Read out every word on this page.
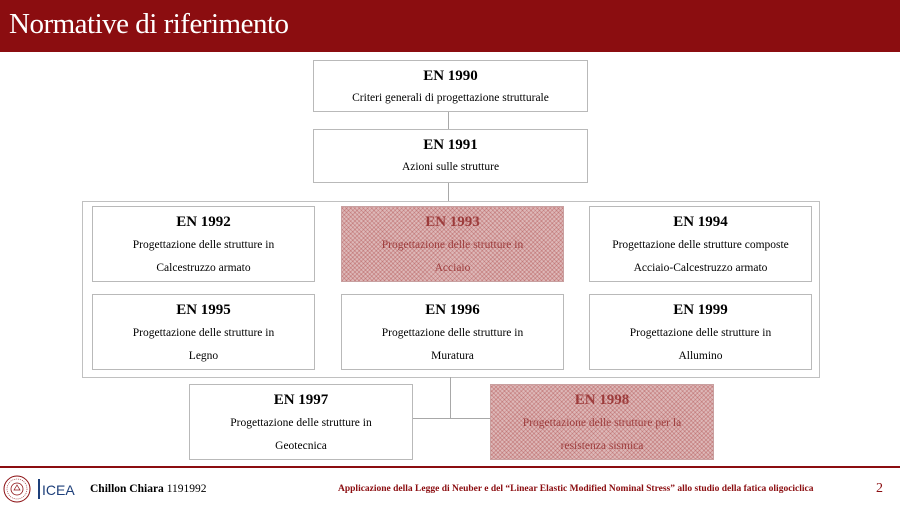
Normative di riferimento
EN 1990
Criteri generali di progettazione strutturale
EN 1991
Azioni sulle strutture
EN 1992
Progettazione delle strutture in
Calcestruzzo armato
EN 1993
Progettazione delle strutture in
Acciaio
EN 1994
Progettazione delle strutture composte
Acciaio-Calcestruzzo armato
EN 1995
Progettazione delle strutture in
Legno
EN 1996
Progettazione delle strutture in
Muratura
EN 1999
Progettazione delle strutture in
Allumino
EN 1997
Progettazione delle strutture in
Geotecnica
EN 1998
Progettazione delle strutture per la
resistenza sismica
ICEA Chillon Chiara 1191992	Applicazione della Legge di Neuber e del “Linear Elastic Modified Nominal Stress” allo studio della fatica oligociclica	2
